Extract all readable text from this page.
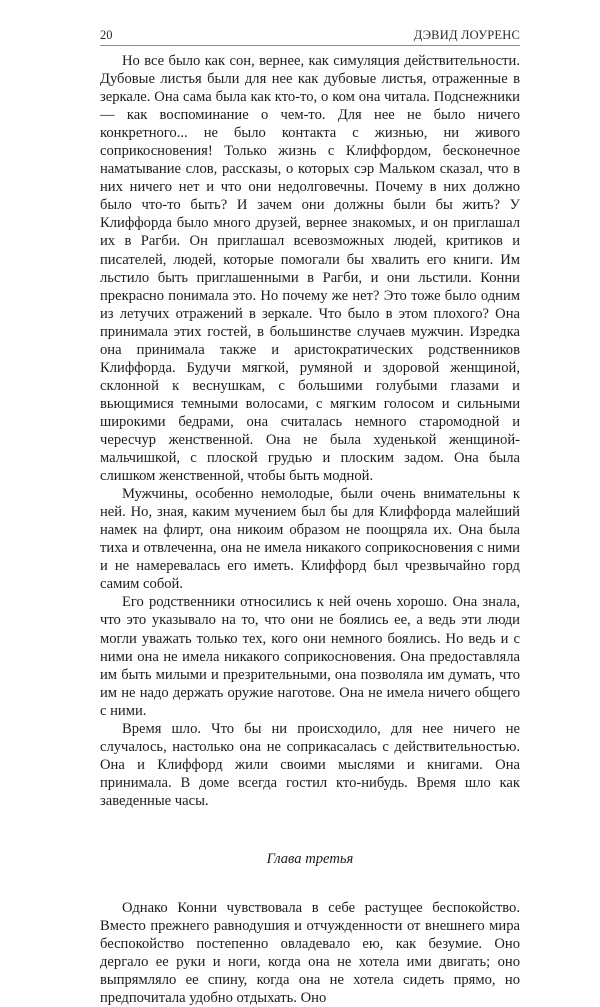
20	ДЭВИД ЛОУРЕНС

Но все было как сон, вернее, как симуляция действительности. Дубовые листья были для нее как дубовые листья, отраженные в зеркале. Она сама была как кто-то, о ком она читала. Подснежники — как воспоминание о чем-то. Для нее не было ничего конкретного... не было контакта с жизнью, ни живого соприкосновения! Только жизнь с Клиффордом, бесконечное наматывание слов, рассказы, о которых сэр Мальком сказал, что в них ничего нет и что они недолговечны. Почему в них должно было что-то быть? И зачем они должны были бы жить? У Клиффорда было много друзей, вернее знакомых, и он приглашал их в Рагби. Он приглашал всевозможных людей, критиков и писателей, людей, которые помогали бы хвалить его книги. Им льстило быть приглашенными в Рагби, и они льстили. Конни прекрасно понимала это. Но почему же нет? Это тоже было одним из летучих отражений в зеркале. Что было в этом плохого? Она принимала этих гостей, в большинстве случаев мужчин. Изредка она принимала также и аристократических родственников Клиффорда. Будучи мягкой, румяной и здоровой женщиной, склонной к веснушкам, с большими голубыми глазами и вьющимися темными волосами, с мягким голосом и сильными широкими бедрами, она считалась немного старомодной и чересчур женственной. Она не была худенькой женщиной-мальчишкой, с плоской грудью и плоским задом. Она была слишком женственной, чтобы быть модной.

Мужчины, особенно немолодые, были очень внимательны к ней. Но, зная, каким мучением был бы для Клиффорда малейший намек на флирт, она никоим образом не поощряла их. Она была тиха и отвлеченна, она не имела никакого соприкосновения с ними и не намеревалась его иметь. Клиффорд был чрезвычайно горд самим собой.

Его родственники относились к ней очень хорошо. Она знала, что это указывало на то, что они не боялись ее, а ведь эти люди могли уважать только тех, кого они немного боялись. Но ведь и с ними она не имела никакого соприкосновения. Она предоставляла им быть милыми и презрительными, она позволяла им думать, что им не надо держать оружие наготове. Она не имела ничего общего с ними.

Время шло. Что бы ни происходило, для нее ничего не случалось, настолько она не соприкасалась с действительностью. Она и Клиффорд жили своими мыслями и книгами. Она принимала. В доме всегда гостил кто-нибудь. Время шло как заведенные часы.

Глава третья

Однако Конни чувствовала в себе растущее беспокойство. Вместо прежнего равнодушия и отчужденности от внешнего мира беспокойство постепенно овладевало ею, как безумие. Оно дергало ее руки и ноги, когда она не хотела ими двигать; оно выпрямляло ее спину, когда она не хотела сидеть прямо, но предпочитала удобно отдыхать. Оно
